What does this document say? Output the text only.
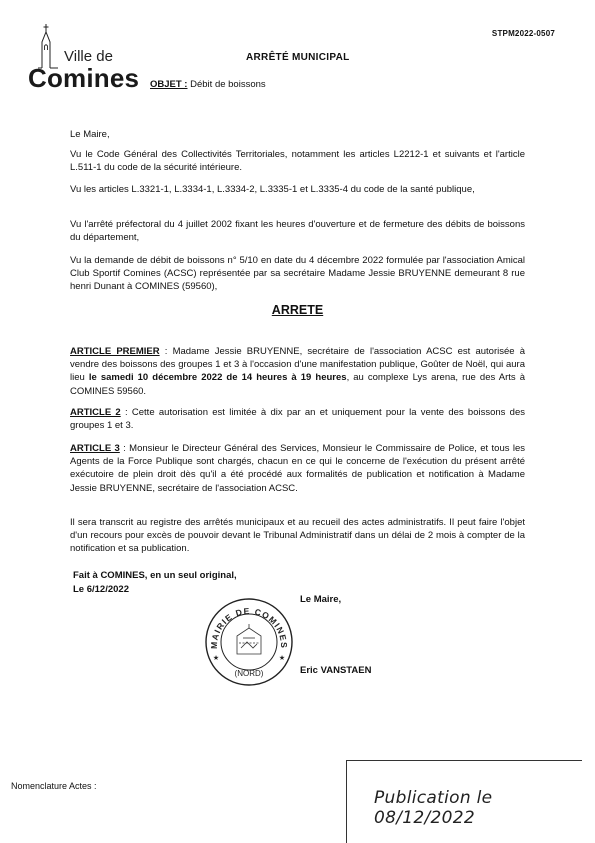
STPM2022-0507
Ville de
Comines
ARRÊTÉ MUNICIPAL
OBJET : Débit de boissons
Le Maire,
Vu le Code Général des Collectivités Territoriales, notamment les articles L2212-1 et suivants et l'article L.511-1 du code de la sécurité intérieure.
Vu les articles L.3321-1, L.3334-1, L.3334-2, L.3335-1 et L.3335-4 du code de la santé publique,
Vu l'arrêté préfectoral du 4 juillet 2002 fixant les heures d'ouverture et de fermeture des débits de boissons du département,
Vu la demande de débit de boissons n° 5/10 en date du 4 décembre 2022 formulée par l'association Amical Club Sportif Comines (ACSC) représentée par sa secrétaire Madame Jessie BRUYENNE demeurant 8 rue henri Dunant à COMINES (59560),
ARRETE
ARTICLE PREMIER : Madame Jessie BRUYENNE, secrétaire de l'association ACSC est autorisée à vendre des boissons des groupes 1 et 3 à l'occasion d'une manifestation publique, Goûter de Noël, qui aura lieu le samedi 10 décembre 2022 de 14 heures à 19 heures, au complexe Lys arena, rue des Arts à COMINES 59560.
ARTICLE 2 : Cette autorisation est limitée à dix par an et uniquement pour la vente des boissons des groupes 1 et 3.
ARTICLE 3 : Monsieur le Directeur Général des Services, Monsieur le Commissaire de Police, et tous les Agents de la Force Publique sont chargés, chacun en ce qui le concerne de l'exécution du présent arrêté exécutoire de plein droit dès qu'il a été procédé aux formalités de publication et notification à Madame Jessie BRUYENNE, secrétaire de l'association ACSC.
Il sera transcrit au registre des arrêtés municipaux et au recueil des actes administratifs. Il peut faire l'objet d'un recours pour excès de pouvoir devant le Tribunal Administratif dans un délai de 2 mois à compter de la notification et sa publication.
Fait à COMINES, en un seul original,
Le 6/12/2022
MAIRIE DE COMINES
(NORD)
★	★
Le Maire,
Eric VANSTAEN
Nomenclature Actes :
Publication le 08/12/2022
